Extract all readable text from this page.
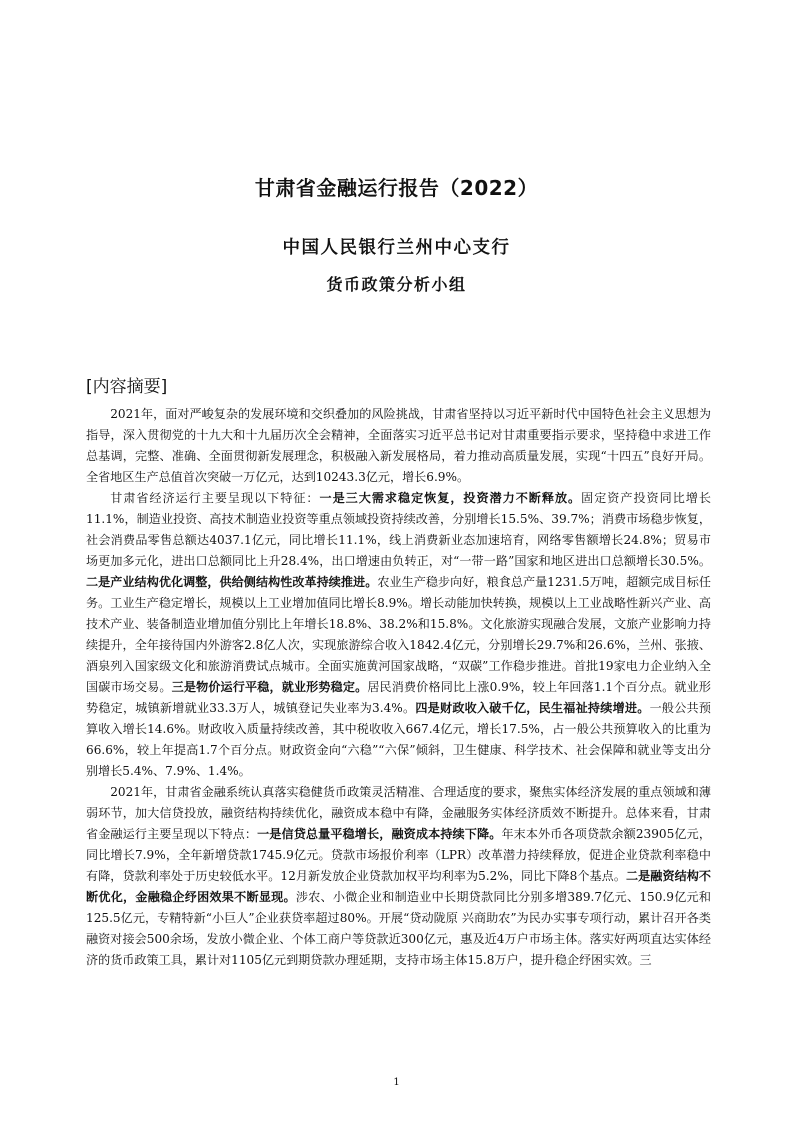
甘肃省金融运行报告（2022）
中国人民银行兰州中心支行
货币政策分析小组
[内容摘要]

2021年，面对严峻复杂的发展环境和交织叠加的风险挑战，甘肃省坚持以习近平新时代中国特色社会主义思想为指导，深入贯彻党的十九大和十九届历次全会精神，全面落实习近平总书记对甘肃重要指示要求，坚持稳中求进工作总基调，完整、准确、全面贯彻新发展理念，积极融入新发展格局，着力推动高质量发展，实现“十四五”良好开局。全省地区生产总值首次突破一万亿元，达到10243.3亿元，增长6.9%。

甘肃省经济运行主要呈现以下特征：一是三大需求稳定恢复，投资潜力不断释放。固定资产投资同比增长11.1%，制造业投资、高技术制造业投资等重点领域投资持续改善，分别增长15.5%、39.7%；消费市场稳步恢复，社会消费品零售总额达4037.1亿元，同比增长11.1%，线上消费新业态加速培育，网络零售额增长24.8%；贸易市场更加多元化，进出口总额同比上升28.4%，出口增速由负转正，对“一带一路”国家和地区进出口总额增长30.5%。二是产业结构优化调整，供给侧结构性改革持续推进。农业生产稳步向好，粮食总产量1231.5万吨，超额完成目标任务。工业生产稳定增长，规模以上工业增加值同比增长8.9%。增长动能加快转换，规模以上工业战略性新兴产业、高技术产业、装备制造业增加值分别比上年增长18.8%、38.2%和15.8%。文化旅游实现融合发展，文旅产业影响力持续提升，全年接待国内外游客2.8亿人次，实现旅游综合收入1842.4亿元，分别增长29.7%和26.6%，兰州、张掖、酒泉列入国家级文化和旅游消费试点城市。全面实施黄河国家战略，“双碳”工作稳步推进。首批19家电力企业纳入全国碳市场交易。三是物价运行平稳，就业形势稳定。居民消费价格同比上涨0.9%，较上年回落1.1个百分点。就业形势稳定，城镇新增就业33.3万人，城镇登记失业率为3.4%。四是财政收入破千亿，民生福祉持续增进。一般公共预算收入增长14.6%。财政收入质量持续改善，其中税收收入667.4亿元，增长17.5%，占一般公共预算收入的比重为66.6%，较上年提高1.7个百分点。财政资金向“六稳”“六保”倾斜，卫生健康、科学技术、社会保障和就业等支出分别增长5.4%、7.9%、1.4%。

2021年，甘肃省金融系统认真落实稳健货币政策灵活精准、合理适度的要求，聚焦实体经济发展的重点领域和薄弱环节，加大信贷投放，融资结构持续优化，融资成本稳中有降，金融服务实体经济质效不断提升。总体来看，甘肃省金融运行主要呈现以下特点：一是信贷总量平稳增长，融资成本持续下降。年末本外币各项贷款余额23905亿元，同比增长7.9%，全年新增贷款1745.9亿元。贷款市场报价利率（LPR）改革潜力持续释放，促进企业贷款利率稳中有降，贷款利率处于历史较低水平。12月新发放企业贷款加权平均利率为5.2%，同比下降8个基点。二是融资结构不断优化，金融稳企纾困效果不断显现。涉农、小微企业和制造业中长期贷款同比分别多增389.7亿元、150.9亿元和125.5亿元，专精特新“小巨人”企业获贷率超过80%。开展“贷动陇原 兴商助农”为民办实事专项行动，累计召开各类融资对接会500余场，发放小微企业、个体工商户等贷款近300亿元，惠及近4万户市场主体。落实好两项直达实体经济的货币政策工具，累计对1105亿元到期贷款办理延期，支持市场主体15.8万户，提升稳企纾困实效。三

1
